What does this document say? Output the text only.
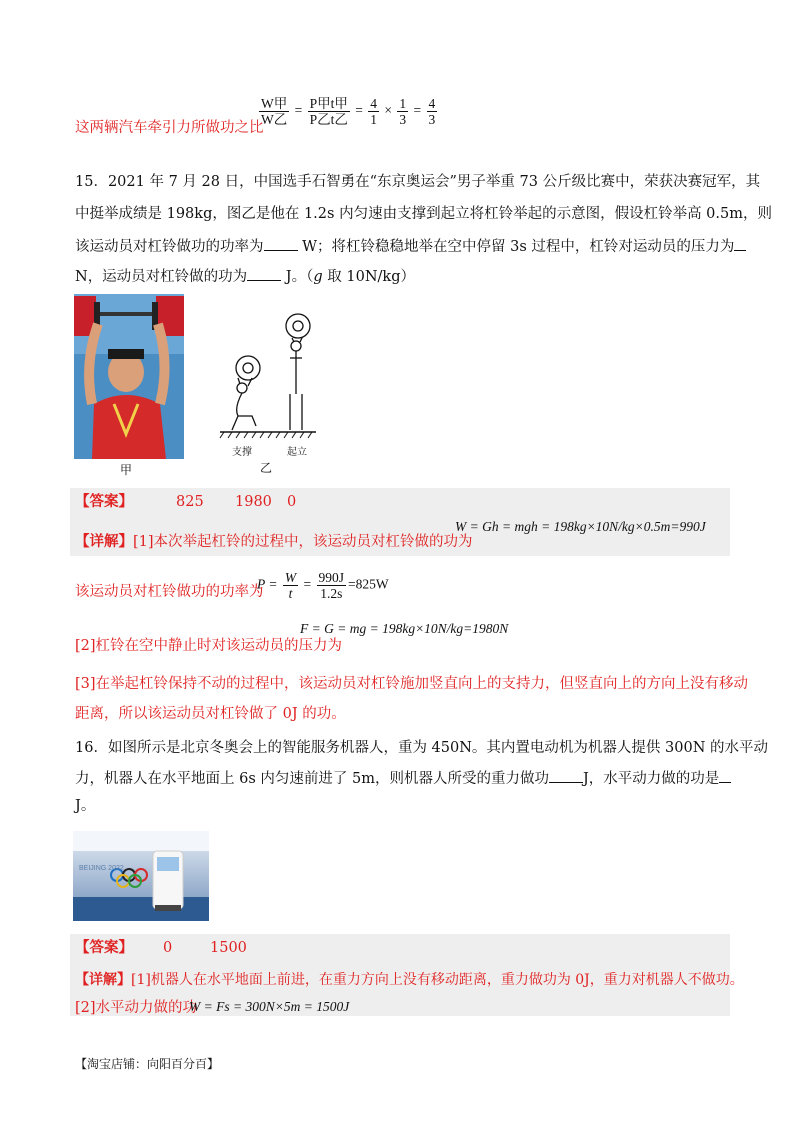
这两辆汽车牵引力所做功之比
$\frac{\text{W甲}}{\text{W乙}} = \frac{\text{P甲t甲}}{\text{P乙t乙}} = \frac{4}{1} \times \frac{1}{3} = \frac{4}{3}$
15．2021 年 7 月 28 日，中国选手石智勇在“东京奥运会”男子举重 73 公斤级比赛中，荣获决赛冠军，其
中挺举成绩是 198kg，图乙是他在 1.2s 内匀速由支撑到起立将杠铃举起的示意图，假设杠铃举高 0.5m，则
该运动员对杠铃做功的功率为	W；将杠铃稳稳地举在空中停留 3s 过程中，杠铃对运动员的压力为
N，运动员对杠铃做的功为	J。（g 取 10N/kg）
甲
支撑	起立
乙
【答案】	825 1980 0
【详解】[1]本次举起杠铃的过程中，该运动员对杠铃做的功为
W = Gh = mgh = 198kg×10N/kg×0.5m=990J
该运动员对杠铃做功的功率为
$P = \frac{W}{t} = \frac{990J}{1.2s} =825W$
F = G = mg = 198kg×10N/kg=1980N
[2]杠铃在空中静止时对该运动员的压力为
[3]在举起杠铃保持不动的过程中，该运动员对杠铃施加竖直向上的支持力，但竖直向上的方向上没有移动
距离，所以该运动员对杠铃做了 0J 的功。
16．如图所示是北京冬奥会上的智能服务机器人，重为 450N。其内置电动机为机器人提供 300N 的水平动
力，机器人在水平地面上 6s 内匀速前进了 5m，则机器人所受的重力做功 J，水平动力做的功是
J。
BEIJING 2022
【答案】 0	1500
【详解】[1]机器人在水平地面上前进，在重力方向上没有移动距离，重力做功为 0J，重力对机器人不做功。
[2]水平动力做的功
W = Fs = 300N×5m = 1500J
【淘宝店铺：向阳百分百】
